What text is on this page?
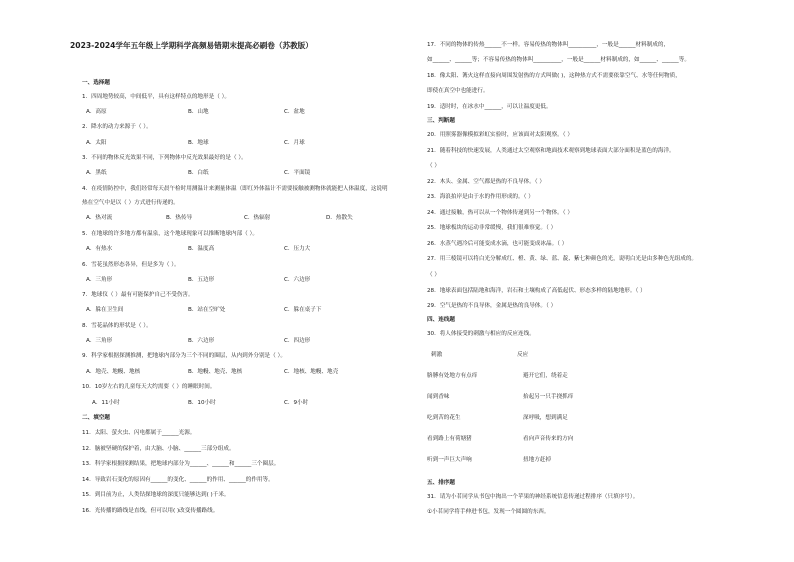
2023-2024学年五年级上学期科学高频易错期末提高必刷卷（苏教版）
一、选择题
1．四周地势较高，中间低平，具有这样特点的地形是（ ）。
A．高原	B．山地	C．盆地
2．降水的动力来源于（ ）。
A．太阳	B．地球	C．月球
3．不同的物体反光效果不同，下列物体中反光效果最好的是（ ）。
A．黑纸	B．白纸	C．平面镜
4．在疫情防控中，我们经常每天晨午检时用测温计来测量体温（即红外体温计不需要接触被测物体就能把人体温度，这说明
热在空气中是以（ ）方式进行传递的。
A．热对流	B．热传导	C．热辐射	D．热散失
5．在地球的许多地方都有温泉，这个地球现象可以推断地球内部（ ）。
A．有热水	B．温度高	C．压力大
6．雪花虽然形态各异，但是多为（ ）。
A．三角形	B．五边形	C．六边形
7．地球仪（ ）最有可能保护自己不受伤害。
A．躲在卫生间	B．站在空旷处	C．躲在桌子下
8．雪花晶体的形状是（ ）。
A．三角形	B．六边形	C．四边形
9．科学家根据探测推测，把地球内部分为三个不同的圈层，从内到外分别是（ ）。
A．地壳、地幔、地核	B．地幔、地壳、地核	C．地核、地幔、地壳
10．10岁左右的儿童每天大约需要（ ）的睡眠时间。
A．11小时	B．10小时	C．9小时
二、填空题
11．太阳、萤火虫、闪电都属于______光源。
12．脑被坚硬的保护着，由大脑、小脑、______三部分组成。
13．科学家根据探测结果，把地球内部分为______、______和______三个圈层。
14．导致岩石变化的原因有______的变化、______的作用、______的作用等。
15．到目前为止，人类钻探地球的深度只能够达到( )千米。
16．光传播的路线是直线，但可以用( )改变传播路线。
17．不同的物体的传热______不一样。容易传热的物体叫__________，一般是______材料制成的，
如______、______等；不容易传热的物体叫__________，一般是______材料制成的，如______、______等。
18．像太阳、篝火这样直接向周围发射热的方式叫做( )，这种热方式不需要依靠空气、水等任何物质，
即使在真空中也能进行。
19．适时时，在冰水中______，可以让温度更低。
三、判断题
20．用照雾器像模拟彩虹实验时，应该面对太阳观察。（ ）
21．随着科技的快速发展，人类通过太空观察和地面技术观察到地球表面大部分面积是蓝色的海洋。
（ ）
22．木头、金属、空气都是热的不良导体。（ ）
23．海浪拍岸是由于水的作用形成的。（ ）
24．通过接触，热可以从一个物体传递到另一个物体。（ ）
25．地球板块的运动非常缓慢，我们很难察觉。（ ）
26．水蒸气遇冷后可能变成水滴，也可能变成冰晶。（ ）
27．用三棱镜可以将白光分解成红、橙、黄、绿、蓝、靛、紫七种颜色的光，说明白光是由多种色光组成的。
（ ）
28．地球表面包括陆地和海洋，岩石和土壤构成了高低起伏、形态多样的陆地地形。（ ）
29．空气是热的不良导体，金属是热的良导体。（ ）
四、连线题
30．将人体接受的刺激与相应的反应连线。
刺激	反应
胳膊有处地方有点痒	避开它们，绕着走
闻到香味	抬起另一只手挠抓痒
吃到苦的花生	深呼吸，想到满足
看到路上有荷塘猪	看向声音传来的方向
听到一声巨大声响	扭地方赶掉
五、排序题
31．请为小茗同学从书包中掏出一个苹果的神经系统信息传递过程排序（只填序号）。
①小茗同学将手伸进书包，发现一个圆圆的东西。
